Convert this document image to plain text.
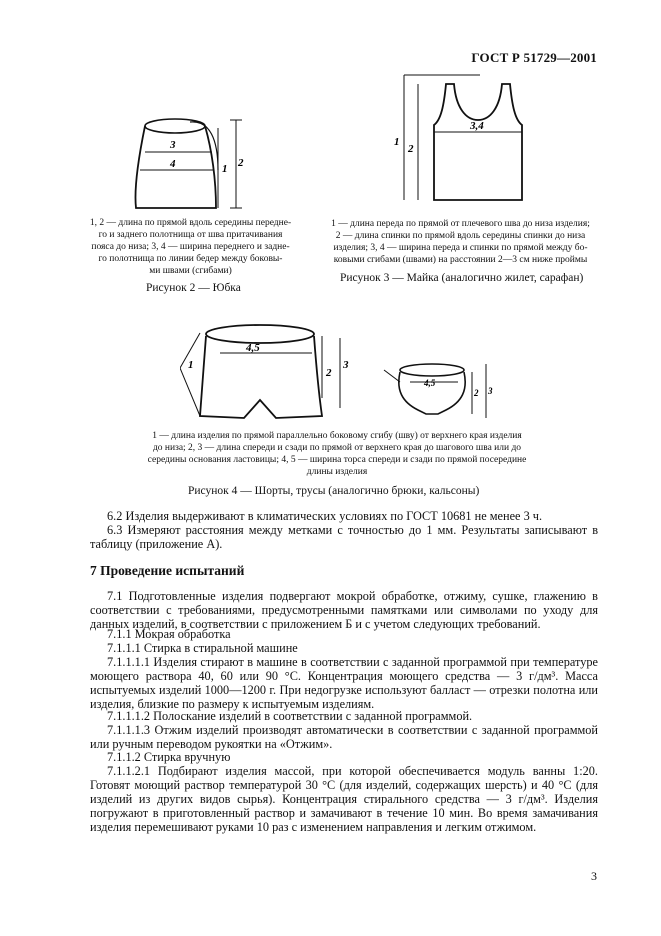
ГОСТ Р 51729—2001
1 2
3
4
1, 2 — длина по прямой вдоль середины передне-
го и заднего полотнища от шва притачивания
пояса до низа; 3, 4 — ширина переднего и задне-
го полотнища по линии бедер между боковы-
ми швами (сгибами)
Рисунок 2 — Юбка
1
2
3,4
1 — длина переда по прямой от плечевого шва до низа изделия;
2 — длина спинки по прямой вдоль середины спинки до низа
изделия; 3, 4 — ширина переда и спинки по прямой между бо-
ковыми сгибами (швами) на расстоянии 2—3 см ниже проймы
Рисунок 3 — Майка (аналогично жилет, сарафан)
1
2
3
4,5
4,5
2 3
1 — длина изделия по прямой параллельно боковому сгибу (шву) от верхнего края изделия
до низа; 2, 3 — длина спереди и сзади по прямой от верхнего края до шагового шва или до
середины основания ластовицы; 4, 5 — ширина торса спереди и сзади по прямой посередине
длины изделия
Рисунок 4 — Шорты, трусы (аналогично брюки, кальсоны)
6.2 Изделия выдерживают в климатических условиях по ГОСТ 10681 не менее 3 ч.
6.3 Измеряют расстояния между метками с точностью до 1 мм. Результаты записывают в таблицу (приложение А).
7 Проведение испытаний
7.1 Подготовленные изделия подвергают мокрой обработке, отжиму, сушке, глажению в соответствии с требованиями, предусмотренными памятками или символами по уходу для данных изделий, в соответствии с приложением Б и с учетом следующих требований.
7.1.1 Мокрая обработка
7.1.1.1 Стирка в стиральной машине
7.1.1.1.1 Изделия стирают в машине в соответствии с заданной программой при температуре моющего раствора 40, 60 или 90 °С. Концентрация моющего средства — 3 г/дм³. Масса испытуемых изделий 1000—1200 г. При недогрузке используют балласт — отрезки полотна или изделия, близкие по размеру к испытуемым изделиям.
7.1.1.1.2 Полоскание изделий в соответствии с заданной программой.
7.1.1.1.3 Отжим изделий производят автоматически в соответствии с заданной программой или ручным переводом рукоятки на «Отжим».
7.1.1.2 Стирка вручную
7.1.1.2.1 Подбирают изделия массой, при которой обеспечивается модуль ванны 1:20. Готовят моющий раствор температурой 30 °С (для изделий, содержащих шерсть) и 40 °С (для изделий из других видов сырья). Концентрация стирального средства — 3 г/дм³. Изделия погружают в приготовленный раствор и замачивают в течение 10 мин. Во время замачивания изделия перемешивают руками 10 раз с изменением направления и легким отжимом.
3
